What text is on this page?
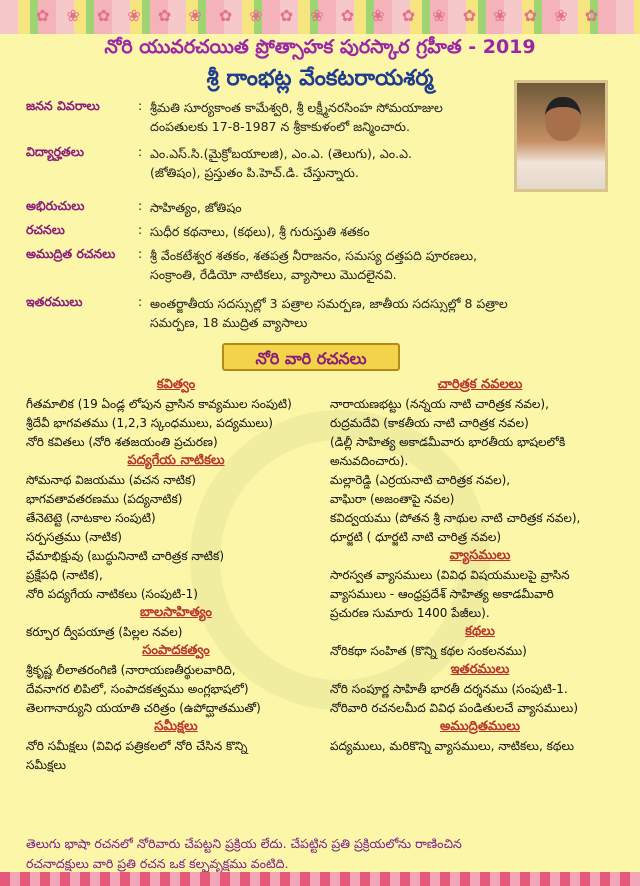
✿ ❀ ✿ ❀ ✿ ❀ ✿ ❀ ✿ ❀ ✿ ❀ ✿ ❀ ✿ ❀ ✿ ❀ ✿
నోరి యువరచయిత ప్రోత్సాహక పురస్కార గ్రహీత - 2019
శ్రీ రాంభట్ల వేంకటరాయశర్మ
జనన వివరాలు	: శ్రీమతి సూర్యకాంత కామేశ్వరి, శ్రీ లక్ష్మీనరసింహ సోమయాజుల
దంపతులకు 17-8-1987 న శ్రీకాకుళంలో జన్మించారు.
విద్యార్హతలు	: ఎం.ఎస్.సి.(మైక్రోబయాలజి), ఎం.ఎ. (తెలుగు), ఎం.ఎ.
(జోతిషం), ప్రస్తుతం పి.హెచ్.డి. చేస్తున్నారు.
అభిరుచులు	: సాహిత్యం, జోతిషం
రచనలు	: సుధీర కథనాలు, (కథలు), శ్రీ గురుస్తుతి శతకం
అముద్రిత రచనలు	: శ్రీ వేంకటేశ్వర శతకం, శతపత్ర నీరాజనం, సమస్య దత్తపది పూరణలు,
సంక్రాంతి, రేడియో నాటికలు, వ్యాసాలు మొదలైనవి.
ఇతరములు	: అంతర్జాతీయ సదస్సుల్లో 3 పత్రాల సమర్పణ, జాతీయ సదస్సుల్లో 8 పత్రాల
సమర్పణ, 18 ముద్రిత వ్యాసాలు
నోరి వారి రచనలు
కవిత్వం
గీతమాలిక (19 ఏండ్ల లోపున వ్రాసిన కావ్యముల సంపుటి)
శ్రీదేవీ భాగవతము (1,2,3 స్కంధములు, పద్యములు)
నోరి కవితలు (నోరి శతజయంతి ప్రచురణ)
పద్యగేయ నాటికలు
సోమనాథ విజయము (వచన నాటిక)
భాగవతావతరణము (పద్యనాటిక)
తేనెటెట్టె (నాటకాల సంపుటి)
సర్పసత్రము (నాటిక)
ఛేమాభిక్షువు (బుద్ధునినాటి చారిత్రక నాటిక)
ప్రక్షేపధి (నాటిక),
నోరి పద్యగేయ నాటికలు (సంపుటి-1)
బాలసాహిత్యం
కర్పూర ద్వీపయాత్ర (పిల్లల నవల)
సంపాదకత్వం
శ్రీకృష్ణ లీలాతరంగిణి (నారాయణతీర్థులవారిది,
దేవనాగర లిపిలో, సంపాదకత్వము అంగ్లభాషలో)
తెలగానార్యుని యయాతి చరిత్రం (ఉపోద్ఘాతముతో)
సమీక్షలు
నోరి సమీక్షలు (వివిధ పత్రికలలో నోరి చేసిన కొన్ని
సమీక్షలు
చారిత్రక నవలలు
నారాయణభట్టు (నన్నయ నాటి చారిత్రక నవల),
రుద్రమదేవి (కాకతీయ నాటి చారిత్రక నవల)
(డిల్లీ సాహిత్య అకాడమీవారు భారతీయ భాషలలోకి
అనువదించారు).
మల్లారెడ్డి (ఎర్రయనాటి చారిత్రక నవల),
వాఘిరా (అజంతాపై నవల)
కవిద్వయము (పోతన శ్రీ నాథుల నాటి చారిత్రక నవల),
ధూర్జటి ( ధూర్జటి నాటి చారిత్ర నవల)
వ్యాసములు
సారస్వత వ్యాసములు (వివిధ విషయములపై వ్రాసిన
వ్యాసములు - ఆంధ్రప్రదేశ్ సాహిత్య అకాడమీవారి
ప్రచురణ సుమారు 1400 పేజీలు).
కథలు
నోరికథా సంహిత (కొన్ని కథల సంకలనము)
ఇతరములు
నోరి సంపూర్ణ సాహితీ భారతీ దర్శనము (సంపుటి-1.
నోరివారి రచనలమీద వివిధ పండితులచే వ్యాసములు)
అముద్రితములు
పద్యములు, మరికొన్ని వ్యాసములు, నాటికలు, కథలు
తెలుగు భాషా రచనలో నోరివారు చేపట్టని ప్రక్రియ లేదు. చేపట్టిన ప్రతి ప్రక్రియలోను రాణించిన
రచనాదక్షులు వారి ప్రతి రచన ఒక కల్పవృక్షము వంటిది.
